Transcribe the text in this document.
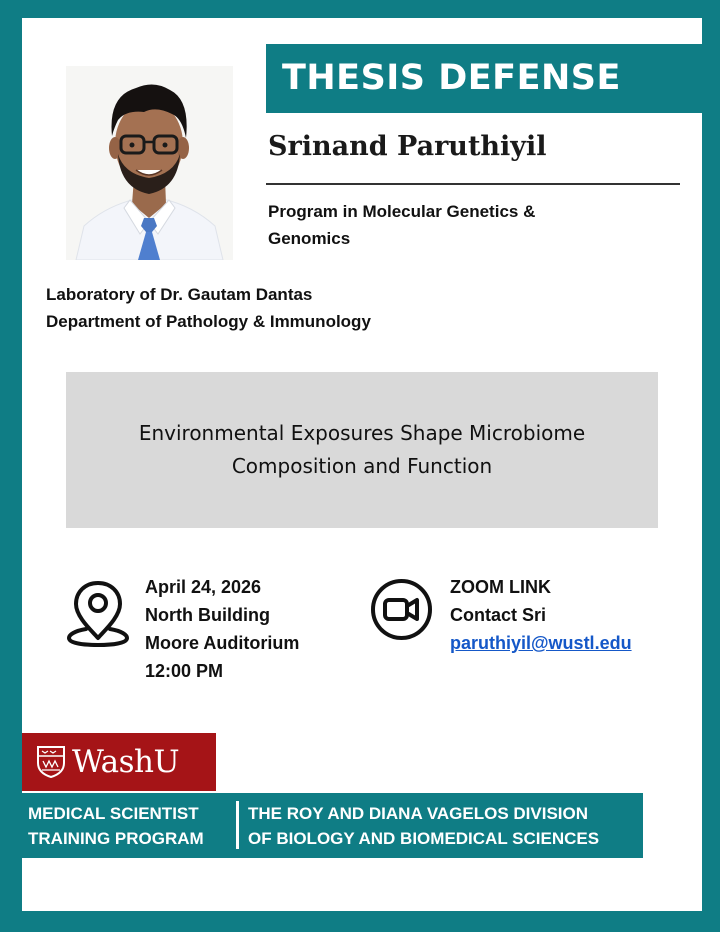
THESIS DEFENSE
Srinand Paruthiyil
Program in Molecular Genetics &
Genomics
Laboratory of Dr. Gautam Dantas
Department of Pathology & Immunology
Environmental Exposures Shape Microbiome
Composition and Function
April 24, 2026
North Building
Moore Auditorium
12:00 PM
ZOOM LINK
Contact Sri
paruthiyil@wustl.edu
WashU
MEDICAL SCIENTIST
TRAINING PROGRAM
THE ROY AND DIANA VAGELOS DIVISION
OF BIOLOGY AND BIOMEDICAL SCIENCES
